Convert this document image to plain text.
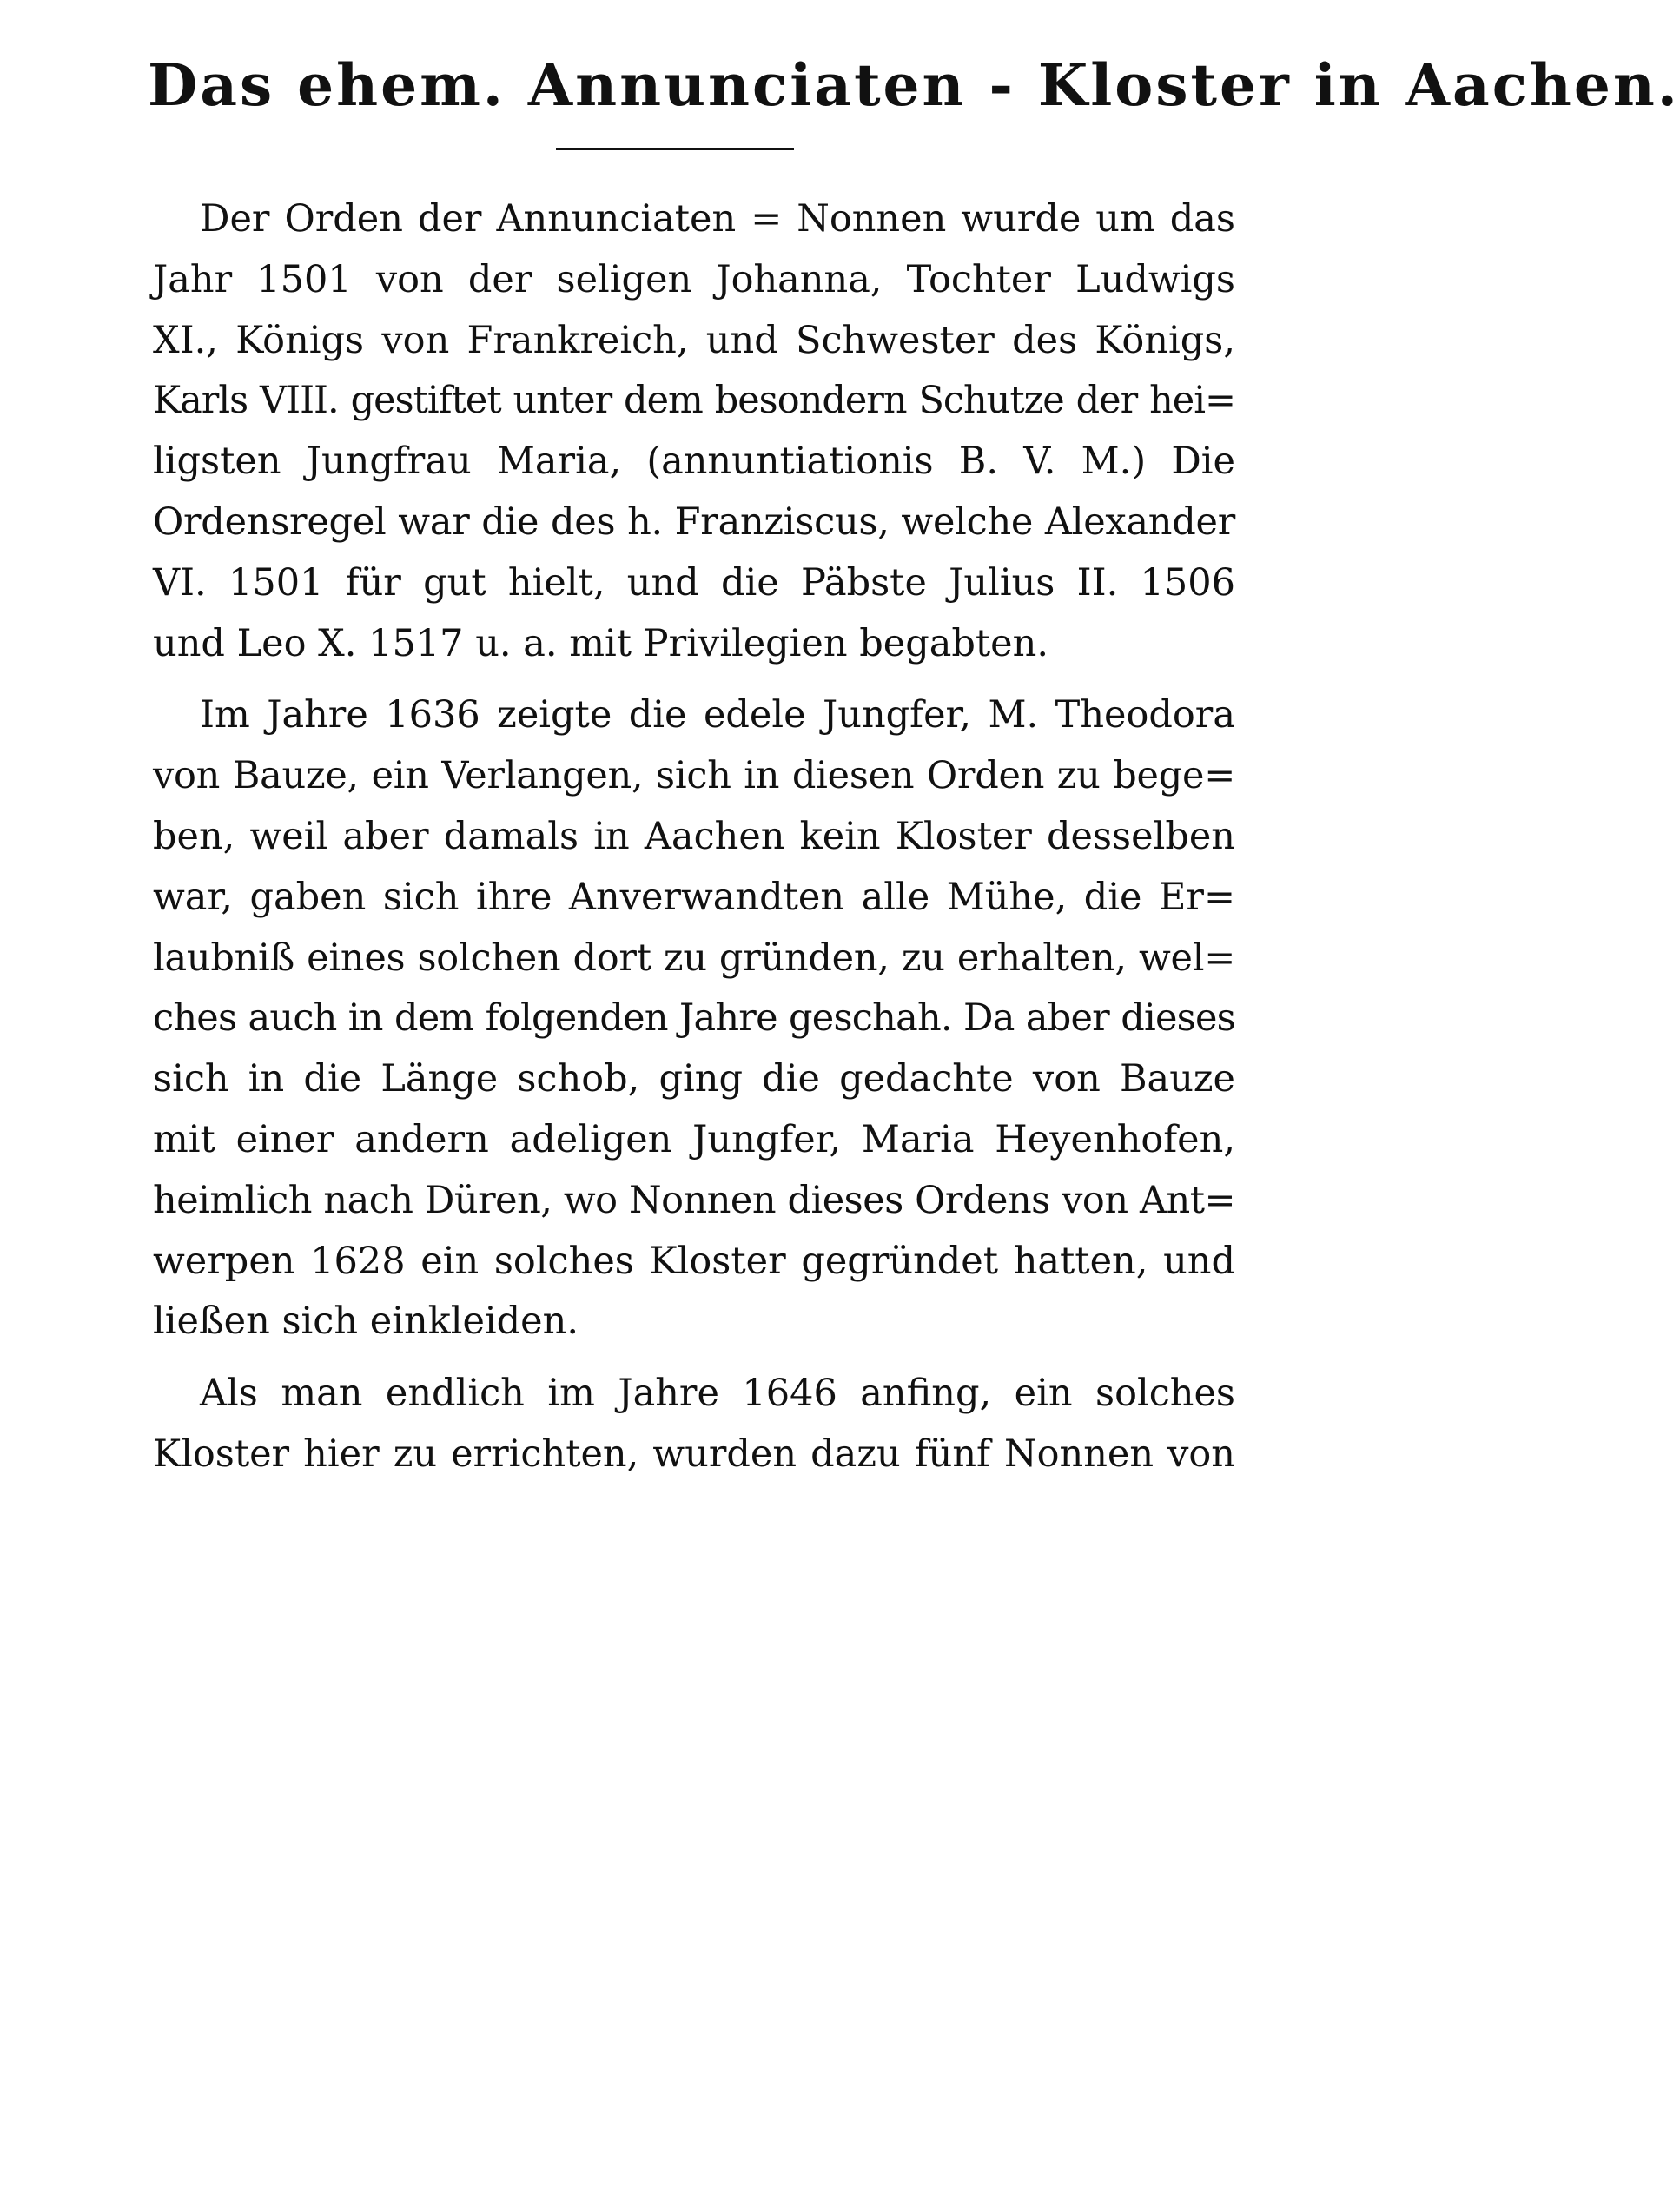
Das ehem. Annunciaten - Kloster in Aachen.

Der Orden der Annunciaten = Nonnen wurde um das
Jahr 1501 von der seligen Johanna, Tochter Ludwigs
XI., Königs von Frankreich, und Schwester des Königs,
Karls VIII. gestiftet unter dem besondern Schutze der hei=
ligsten Jungfrau Maria, (annuntiationis B. V. M.) Die
Ordensregel war die des h. Franziscus, welche Alexander
VI. 1501 für gut hielt, und die Päbste Julius II. 1506
und Leo X. 1517 u. a. mit Privilegien begabten.

Im Jahre 1636 zeigte die edele Jungfer, M. Theodora
von Bauze, ein Verlangen, sich in diesen Orden zu bege=
ben, weil aber damals in Aachen kein Kloster desselben
war, gaben sich ihre Anverwandten alle Mühe, die Er=
laubniß eines solchen dort zu gründen, zu erhalten, wel=
ches auch in dem folgenden Jahre geschah. Da aber dieses
sich in die Länge schob, ging die gedachte von Bauze
mit einer andern adeligen Jungfer, Maria Heyenhofen,
heimlich nach Düren, wo Nonnen dieses Ordens von Ant=
werpen 1628 ein solches Kloster gegründet hatten, und
ließen sich einkleiden.

Als man endlich im Jahre 1646 anfing, ein solches
Kloster hier zu errichten, wurden dazu fünf Nonnen von
